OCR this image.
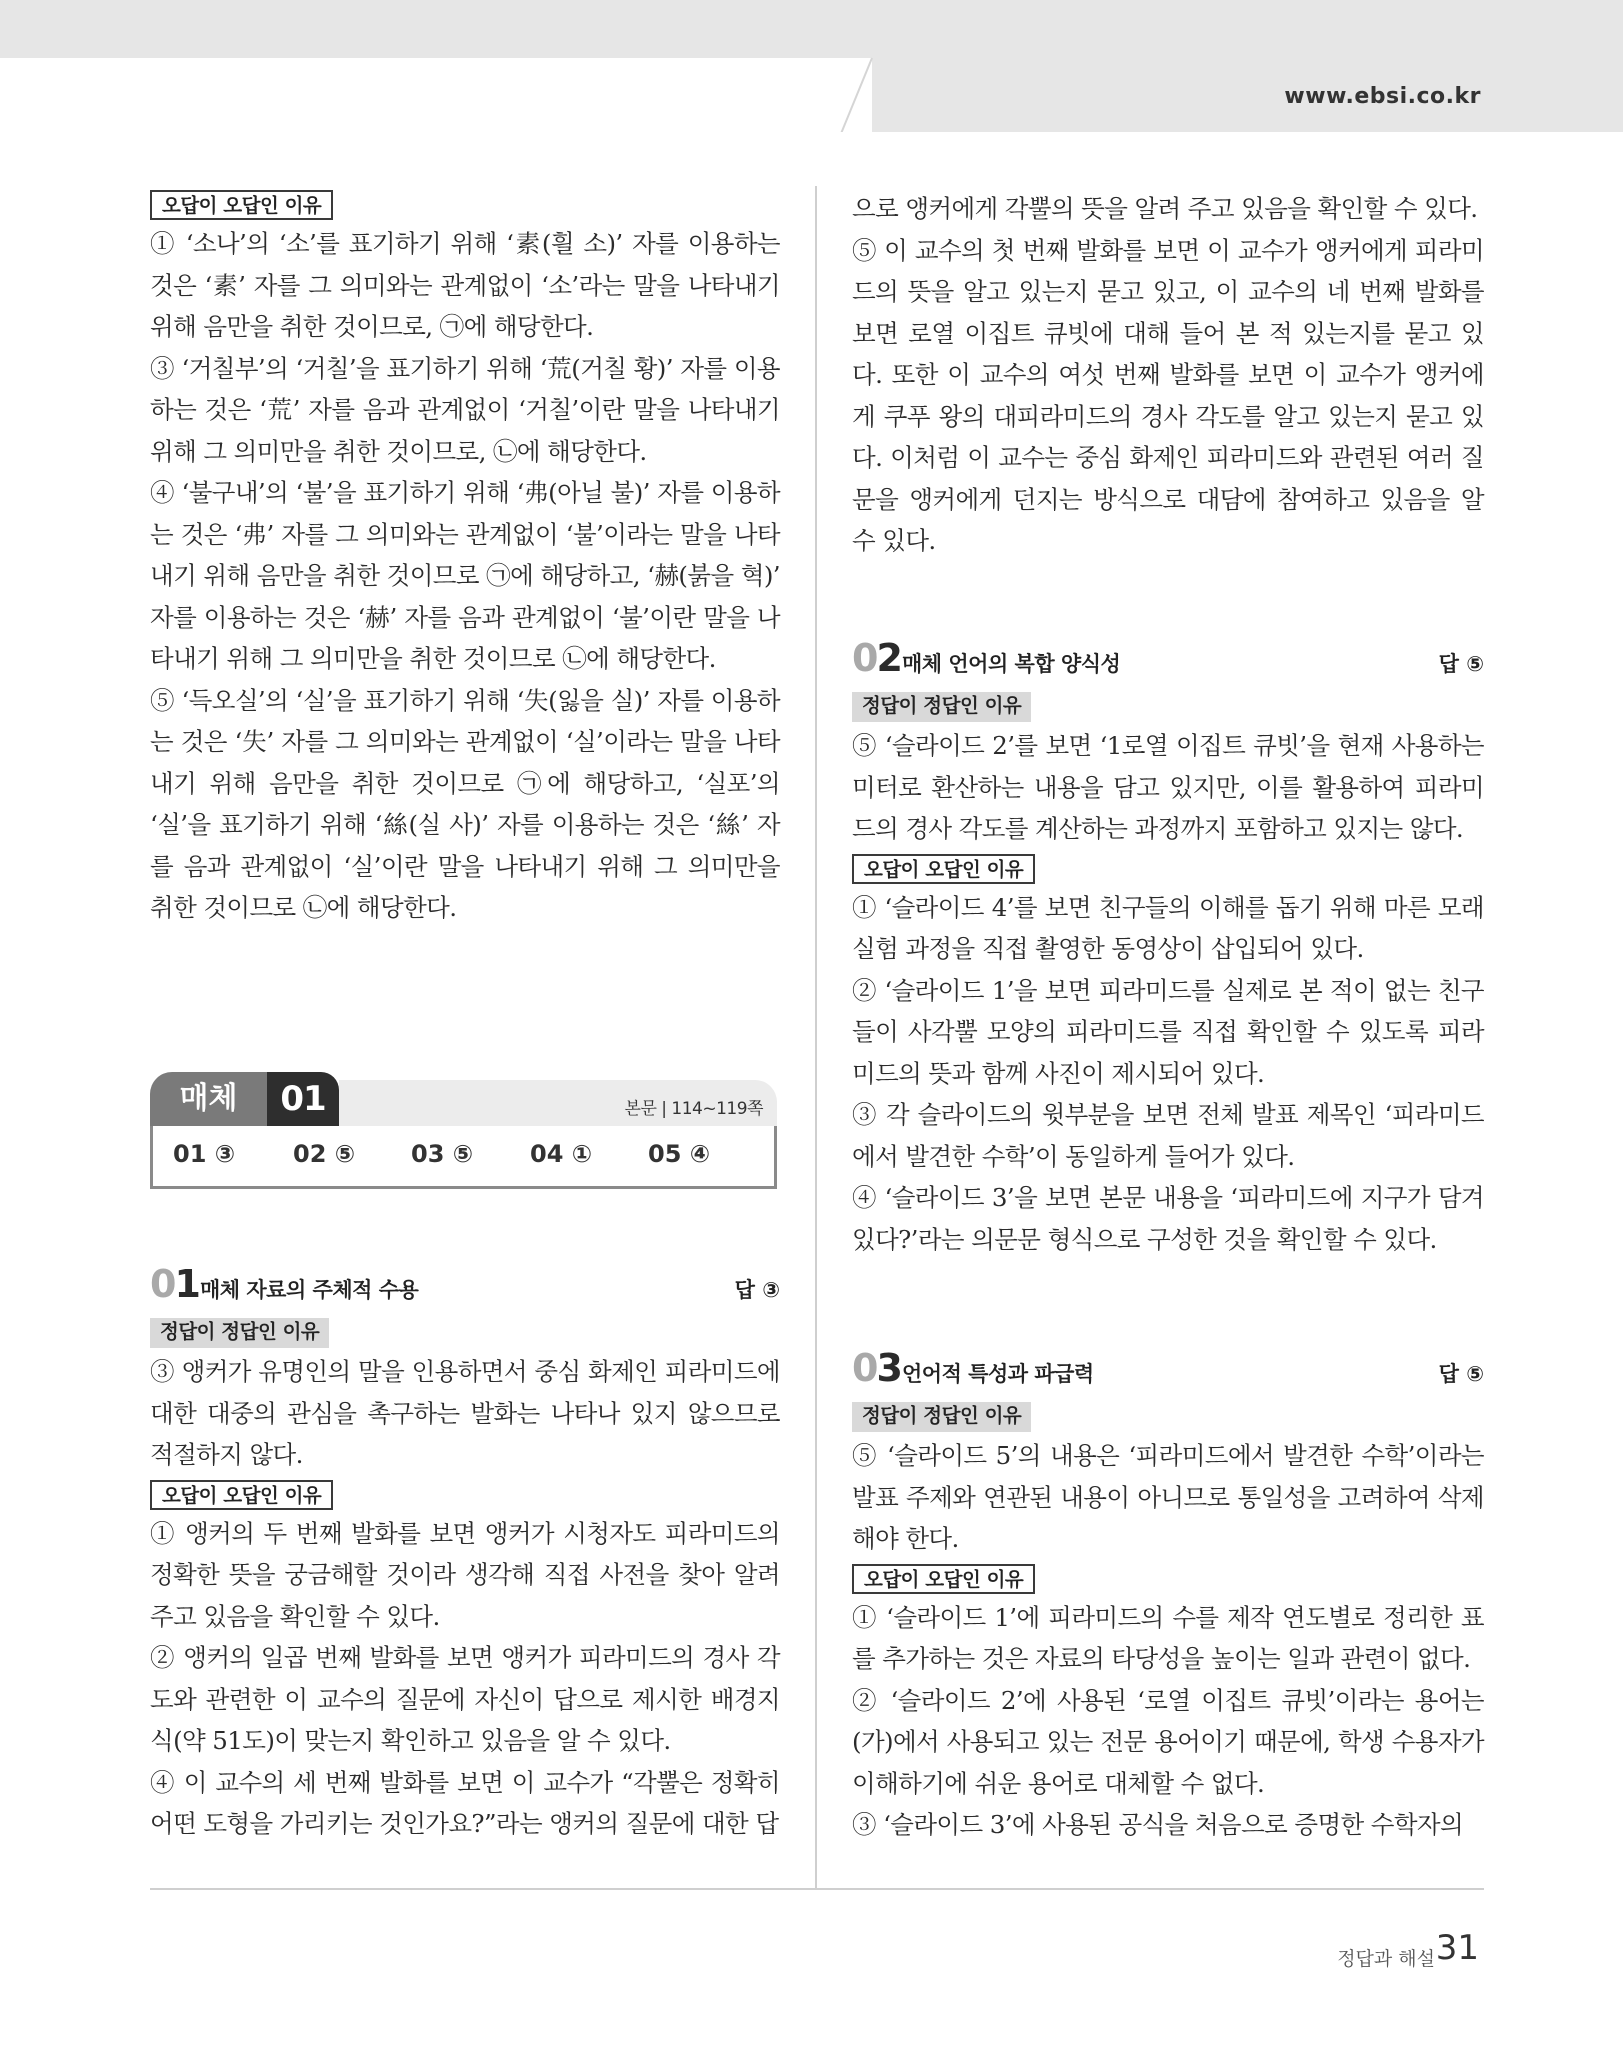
www.ebsi.co.kr
오답이 오답인 이유

① ‘소나’의 ‘소’를 표기하기 위해 ‘素(흴 소)’ 자를 이용하는 것은 ‘素’ 자를 그 의미와는 관계없이 ‘소’라는 말을 나타내기 위해 음만을 취한 것이므로, ㉠에 해당한다.

③ ‘거칠부’의 ‘거칠’을 표기하기 위해 ‘荒(거칠 황)’ 자를 이용하는 것은 ‘荒’ 자를 음과 관계없이 ‘거칠’이란 말을 나타내기 위해 그 의미만을 취한 것이므로, ㉡에 해당한다.

④ ‘불구내’의 ‘불’을 표기하기 위해 ‘弗(아닐 불)’ 자를 이용하는 것은 ‘弗’ 자를 그 의미와는 관계없이 ‘불’이라는 말을 나타내기 위해 음만을 취한 것이므로 ㉠에 해당하고, ‘赫(붉을 혁)’ 자를 이용하는 것은 ‘赫’ 자를 음과 관계없이 ‘불’이란 말을 나타내기 위해 그 의미만을 취한 것이므로 ㉡에 해당한다.

⑤ ‘득오실’의 ‘실’을 표기하기 위해 ‘失(잃을 실)’ 자를 이용하는 것은 ‘失’ 자를 그 의미와는 관계없이 ‘실’이라는 말을 나타내기 위해 음만을 취한 것이므로 ㉠에 해당하고, ‘실포’의 ‘실’을 표기하기 위해 ‘絲(실 사)’ 자를 이용하는 것은 ‘絲’ 자를 음과 관계없이 ‘실’이란 말을 나타내기 위해 그 의미만을 취한 것이므로 ㉡에 해당한다.

매체	01	본문 | 114~119쪽
01 ③ 02 ⑤ 03 ⑤ 04 ① 05 ④
01 매체 자료의 주체적 수용	답 ③
정답이 정답인 이유

③ 앵커가 유명인의 말을 인용하면서 중심 화제인 피라미드에 대한 대중의 관심을 촉구하는 발화는 나타나 있지 않으므로 적절하지 않다.

오답이 오답인 이유

① 앵커의 두 번째 발화를 보면 앵커가 시청자도 피라미드의 정확한 뜻을 궁금해할 것이라 생각해 직접 사전을 찾아 알려 주고 있음을 확인할 수 있다.

② 앵커의 일곱 번째 발화를 보면 앵커가 피라미드의 경사 각도와 관련한 이 교수의 질문에 자신이 답으로 제시한 배경지식(약 51도)이 맞는지 확인하고 있음을 알 수 있다.

④ 이 교수의 세 번째 발화를 보면 이 교수가 “각뿔은 정확히 어떤 도형을 가리키는 것인가요?”라는 앵커의 질문에 대한 답

으로 앵커에게 각뿔의 뜻을 알려 주고 있음을 확인할 수 있다.

⑤ 이 교수의 첫 번째 발화를 보면 이 교수가 앵커에게 피라미드의 뜻을 알고 있는지 묻고 있고, 이 교수의 네 번째 발화를 보면 로열 이집트 큐빗에 대해 들어 본 적 있는지를 묻고 있다. 또한 이 교수의 여섯 번째 발화를 보면 이 교수가 앵커에게 쿠푸 왕의 대피라미드의 경사 각도를 알고 있는지 묻고 있다. 이처럼 이 교수는 중심 화제인 피라미드와 관련된 여러 질문을 앵커에게 던지는 방식으로 대담에 참여하고 있음을 알 수 있다.

02 매체 언어의 복합 양식성	답 ⑤
정답이 정답인 이유

⑤ ‘슬라이드 2’를 보면 ‘1로열 이집트 큐빗’을 현재 사용하는 미터로 환산하는 내용을 담고 있지만, 이를 활용하여 피라미드의 경사 각도를 계산하는 과정까지 포함하고 있지는 않다.

오답이 오답인 이유

① ‘슬라이드 4’를 보면 친구들의 이해를 돕기 위해 마른 모래 실험 과정을 직접 촬영한 동영상이 삽입되어 있다.

② ‘슬라이드 1’을 보면 피라미드를 실제로 본 적이 없는 친구들이 사각뿔 모양의 피라미드를 직접 확인할 수 있도록 피라미드의 뜻과 함께 사진이 제시되어 있다.

③ 각 슬라이드의 윗부분을 보면 전체 발표 제목인 ‘피라미드에서 발견한 수학’이 동일하게 들어가 있다.

④ ‘슬라이드 3’을 보면 본문 내용을 ‘피라미드에 지구가 담겨 있다?’라는 의문문 형식으로 구성한 것을 확인할 수 있다.

03 언어적 특성과 파급력	답 ⑤
정답이 정답인 이유

⑤ ‘슬라이드 5’의 내용은 ‘피라미드에서 발견한 수학’이라는 발표 주제와 연관된 내용이 아니므로 통일성을 고려하여 삭제해야 한다.

오답이 오답인 이유

① ‘슬라이드 1’에 피라미드의 수를 제작 연도별로 정리한 표를 추가하는 것은 자료의 타당성을 높이는 일과 관련이 없다.

② ‘슬라이드 2’에 사용된 ‘로열 이집트 큐빗’이라는 용어는 (가)에서 사용되고 있는 전문 용어이기 때문에, 학생 수용자가 이해하기에 쉬운 용어로 대체할 수 없다.

③ ‘슬라이드 3’에 사용된 공식을 처음으로 증명한 수학자의

정답과 해설 31
